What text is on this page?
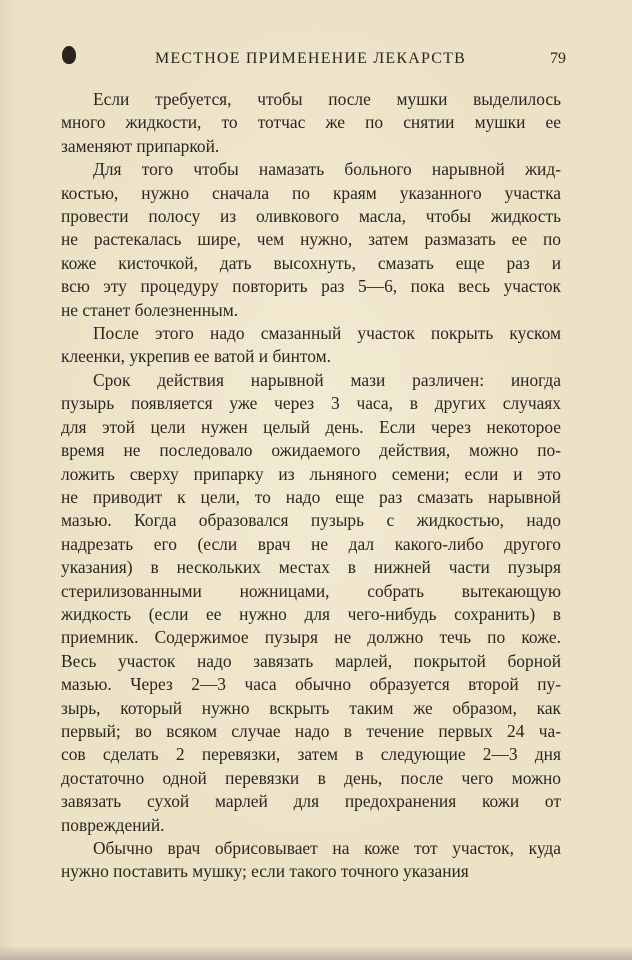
МЕСТНОЕ ПРИМЕНЕНИЕ ЛЕКАРСТВ	79

Если требуется, чтобы после мушки выделилось
много жидкости, то тотчас же по снятии мушки ее
заменяют припаркой.

Для того чтобы намазать больного нарывной жид-
костью, нужно сначала по краям указанного участка
провести полосу из оливкового масла, чтобы жидкость
не растекалась шире, чем нужно, затем размазать ее по
коже кисточкой, дать высохнуть, смазать еще раз и
всю эту процедуру повторить раз 5—6, пока весь участок
не станет болезненным.

После этого надо смазанный участок покрыть куском
клеенки, укрепив ее ватой и бинтом.

Срок действия нарывной мази различен: иногда
пузырь появляется уже через 3 часа, в других случаях
для этой цели нужен целый день. Если через некоторое
время не последовало ожидаемого действия, можно по-
ложить сверху припарку из льняного семени; если и это
не приводит к цели, то надо еще раз смазать нарывной
мазью. Когда образовался пузырь с жидкостью, надо
надрезать его (если врач не дал какого-либо другого
указания) в нескольких местах в нижней части пузыря
стерилизованными ножницами, собрать вытекающую
жидкость (если ее нужно для чего-нибудь сохранить) в
приемник. Содержимое пузыря не должно течь по коже.
Весь участок надо завязать марлей, покрытой борной
мазью. Через 2—3 часа обычно образуется второй пу-
зырь, который нужно вскрыть таким же образом, как
первый; во всяком случае надо в течение первых 24 ча-
сов сделать 2 перевязки, затем в следующие 2—3 дня
достаточно одной перевязки в день, после чего можно
завязать сухой марлей для предохранения кожи от
повреждений.

Обычно врач обрисовывает на коже тот участок, куда
нужно поставить мушку; если такого точного указания
